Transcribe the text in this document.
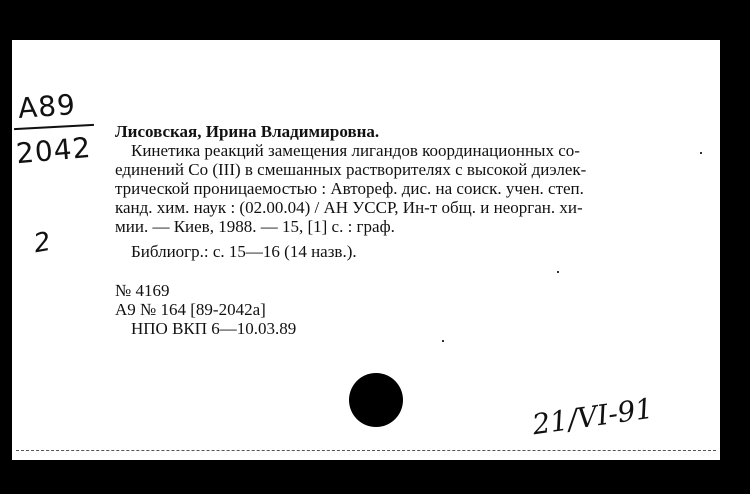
A89
2042
2
Лисовская, Ирина Владимировна.
Кинетика реакций замещения лигандов координационных со-
единений Co (III) в смешанных растворителях с высокой диэлек-
трической проницаемостью : Автореф. дис. на соиск. учен. степ.
канд. хим. наук : (02.00.04) / АН УССР, Ин-т общ. и неорган. хи-
мии. — Киев, 1988. — 15, [1] с. : граф.
Библиогр.: с. 15—16 (14 назв.).
№ 4169
А9 № 164 [89-2042а]
НПО ВКП 6—10.03.89
21/VI-91
